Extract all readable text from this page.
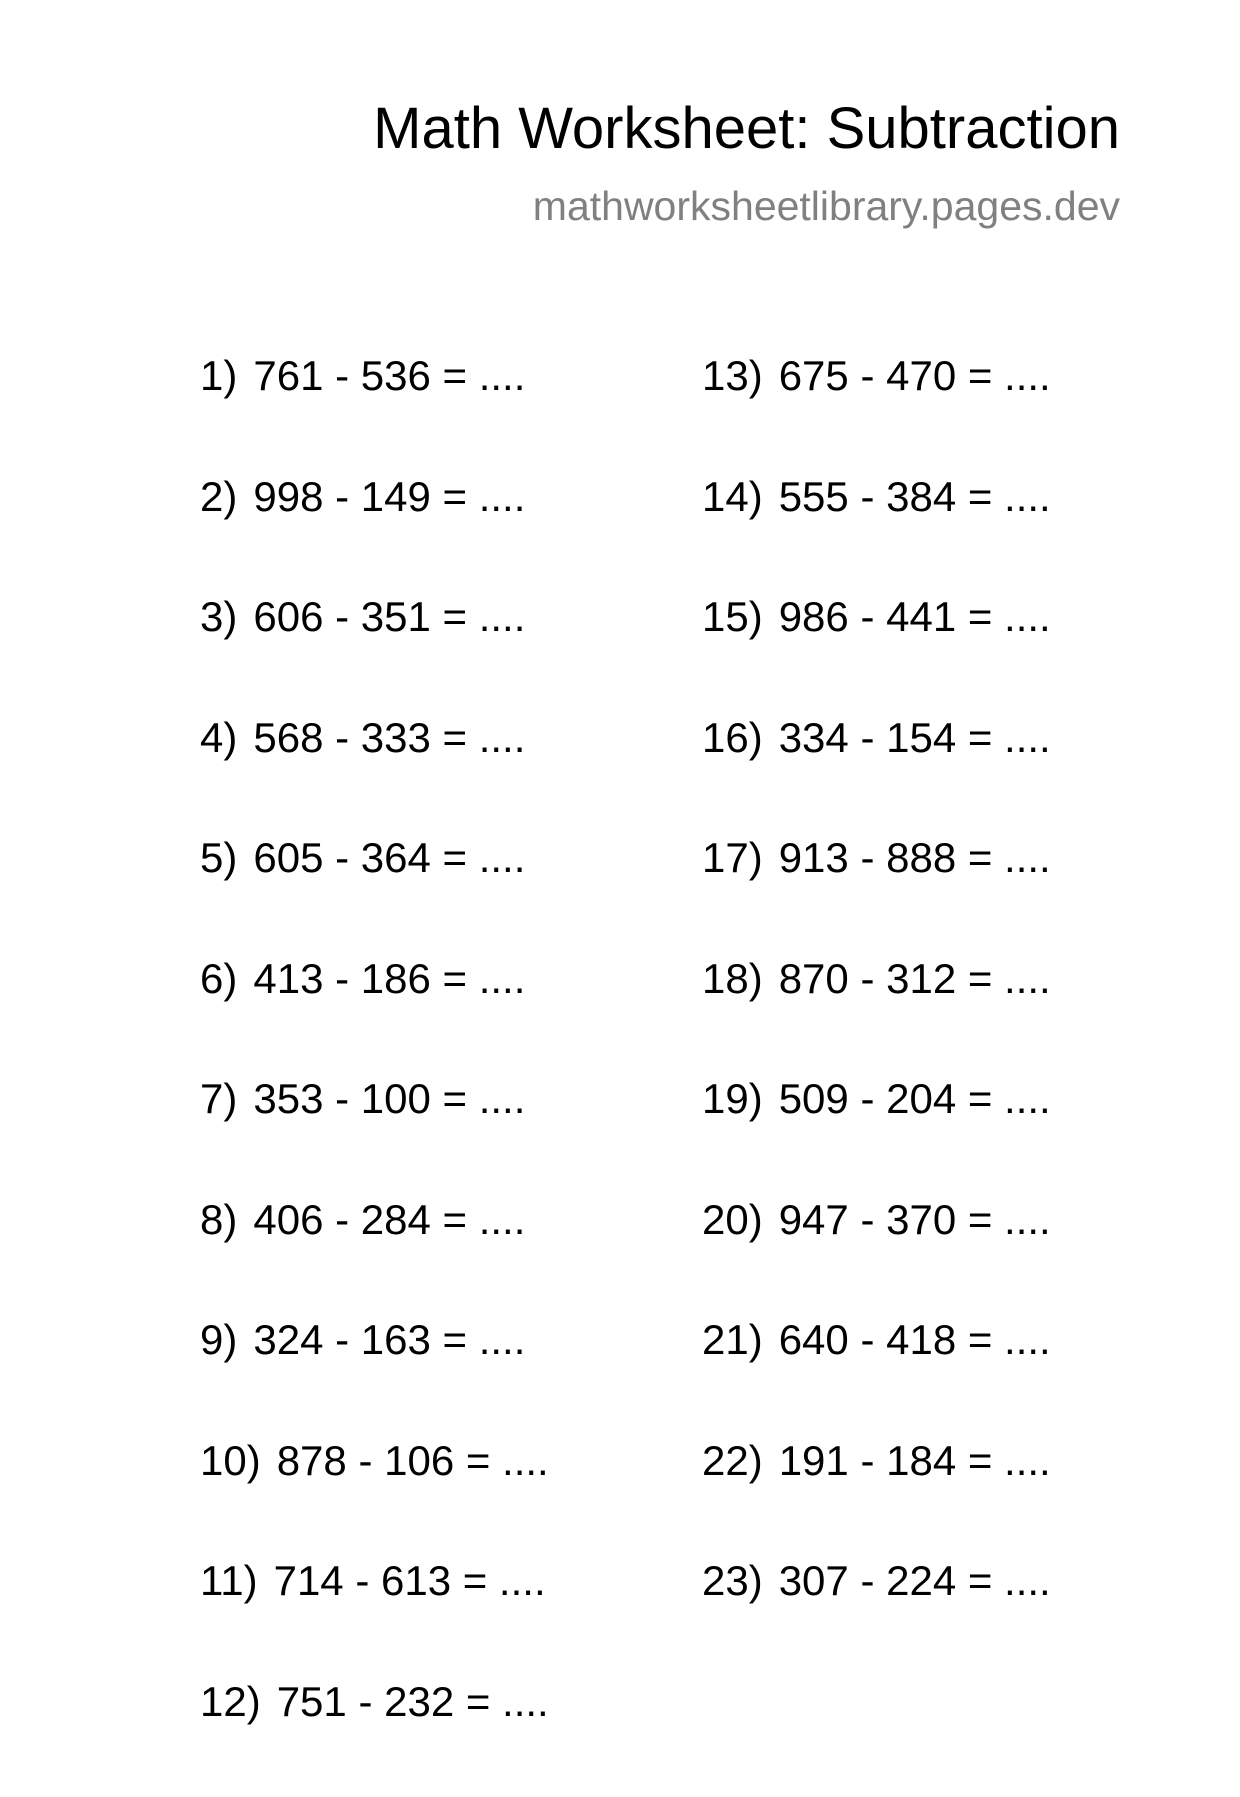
Math Worksheet: Subtraction
mathworksheetlibrary.pages.dev
1) 761 - 536 = ....
2) 998 - 149 = ....
3) 606 - 351 = ....
4) 568 - 333 = ....
5) 605 - 364 = ....
6) 413 - 186 = ....
7) 353 - 100 = ....
8) 406 - 284 = ....
9) 324 - 163 = ....
10) 878 - 106 = ....
11) 714 - 613 = ....
12) 751 - 232 = ....
13) 675 - 470 = ....
14) 555 - 384 = ....
15) 986 - 441 = ....
16) 334 - 154 = ....
17) 913 - 888 = ....
18) 870 - 312 = ....
19) 509 - 204 = ....
20) 947 - 370 = ....
21) 640 - 418 = ....
22) 191 - 184 = ....
23) 307 - 224 = ....
